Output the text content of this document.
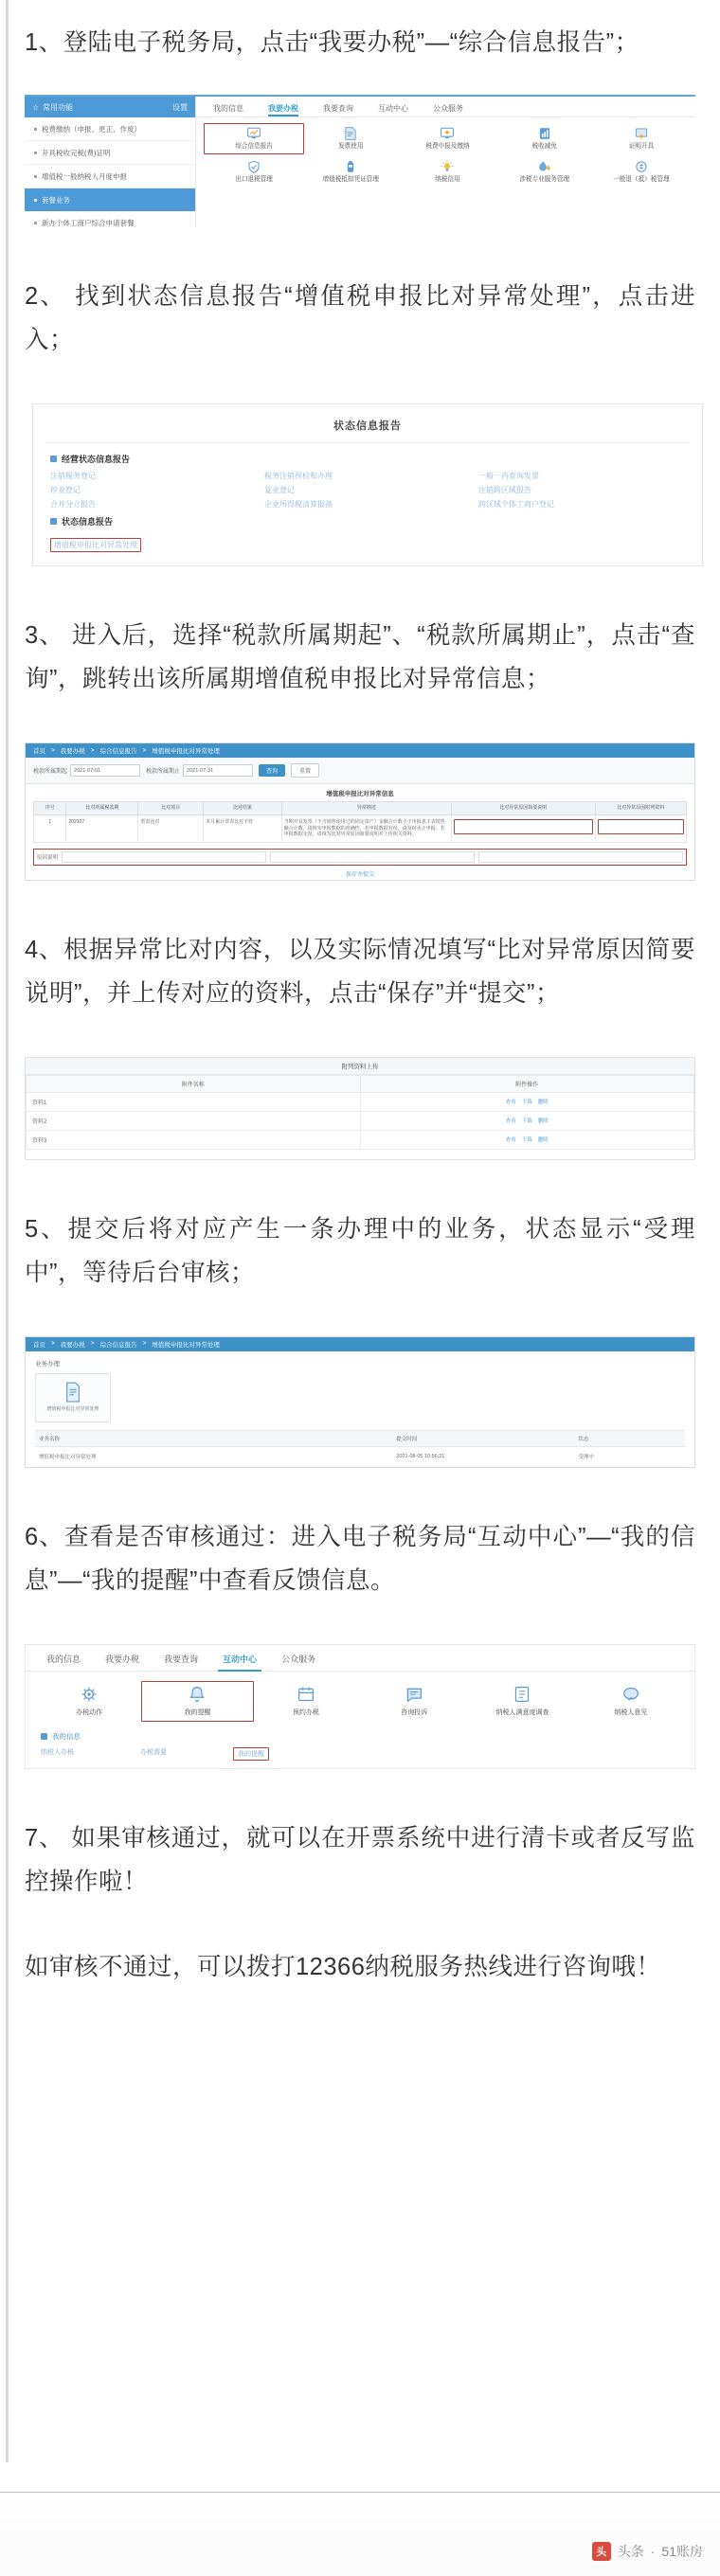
1、登陆电子税务局，点击“我要办税”—“综合信息报告”；

☆ 常用功能	设置
税费缴纳（申报、更正、作废）
开具税收完税(费)证明
增值税一般纳税人月度申报
套餐业务
新办个体工商户综合申请套餐
我的信息	我要办税	我要查询	互动中心	公众服务
综合信息报告	发票使用	税费申报及缴纳	税收减免	证明开具
出口退税管理	增值税抵扣凭证管理	纳税信用	涉税专业服务管理	一般退（抵）税管理

2、 找到状态信息报告“增值税申报比对异常处理”，点击进入；

状态信息报告
经营状态信息报告
注销税务登记	税务注销预检和办理	一般一内查询发票
停业登记	复业登记	注销跨区域报告
合并分立报告	企业所得税清算报备	跨区域个体工商户登记
状态信息报告
增值税申报比对异常处理

3、 进入后，选择“税款所属期起”、“税款所属期止”，点击“查询”，跳转出该所属期增值税申报比对异常信息；

首页 > 我要办税 > 综合信息报告 > 增值税申报比对异常处理
税款所属期起	2021-07-01	税款所属期止	2021-07-31	查询	重置
增值税申报比对异常信息
序号	比对所属税款期	比对项目	比对结果	异常描述	比对异常原因简要说明	比对异常原因附列资料
1	202107	票表比对	本月累计票表比对不符	当期开具发票（不含销售使用过的固定资产）金额合计数小于申报表主表销售额合计数，请核实申报数据的准确性，若申报数据有误，请及时更正申报；若申报数据无误，请填写比对异常原因简要说明并上传相关资料。	

原因说明
保存并提交

4、根据异常比对内容，以及实际情况填写“比对异常原因简要说明”，并上传对应的资料，点击“保存”并“提交”；

附列资料上传
附件名称	附件操作
资料1	查看 下载 删除

资料2	查看 下载 删除

资料3	查看 下载 删除

5、提交后将对应产生一条办理中的业务，状态显示“受理中”，等待后台审核；

首页 > 我要办税 > 综合信息报告 > 增值税申报比对异常处理
业务办理
增值税申报比对异常处理
业务名称	提交时间	状态
增值税申报比对异常处理	2021-08-05 10:56:21	受理中

6、查看是否审核通过：进入电子税务局“互动中心”—“我的信息”—“我的提醒”中查看反馈信息。

我的信息	我要办税	我要查询	互动中心	公众服务
办税动作	我的提醒	预约办税	咨询投诉	纳税人满意度调查	纳税人意见
我的信息
纳税人办税	办税需要	我的提醒

7、 如果审核通过，就可以在开票系统中进行清卡或者反写监控操作啦！

如审核不通过，可以拨打12366纳税服务热线进行咨询哦！

头 头条 · 51账房
